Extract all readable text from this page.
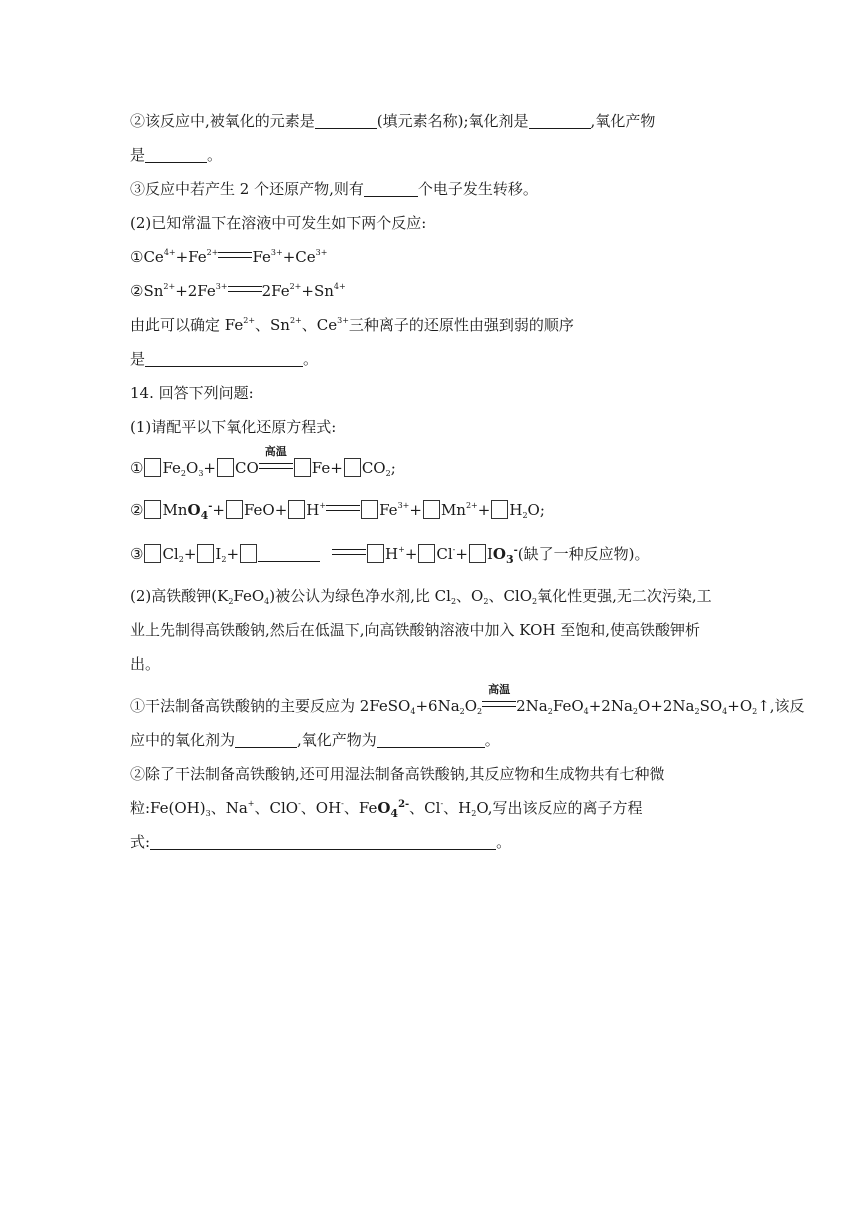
②该反应中,被氧化的元素是	(填元素名称);氧化剂是	,氧化产物
是	。
③反应中若产生 2 个还原产物,则有	个电子发生转移。
(2)已知常温下在溶液中可发生如下两个反应:
$①Ce^{4+}+Fe^{2+}$ $Fe^{3+}+Ce^{3+}$
$②Sn^{2+}+2Fe^{3+}$ $2Fe^{2+}+Sn^{4+}$
由此可以确定 $Fe^{2+}$、$Sn^{2+}$、$Ce^{3+}$三种离子的还原性由强到弱的顺序
是	。
14. 回答下列问题:
(1)请配平以下氧化还原方程式:
① $Fe_2O_3+$ CO
高温
$Fe+ CO_2$;
② MnO$_4$-+ FeO+ H+	$Fe^{3+}+ Mn^{2+}+ H_2O$;
③ $Cl_2+ I_2+$	$H^++ Cl^-+ IO_3^-$(缺了一种反应物)。
(2)高铁酸钾$(K_2FeO_4)$被公认为绿色净水剂,比 $Cl_2$、$O_2$、ClO$_2$氧化性更强,无二次污染,工
业上先制得高铁酸钠,然后在低温下,向高铁酸钠溶液中加入 KOH 至饱和,使高铁酸钾析
出。
①干法制备高铁酸钠的主要反应为 $2FeSO_4+6Na_2O_2$
高温
$2Na_2FeO_4+2Na_2O+2Na_2SO_4+O_2↑$,该反
应中的氧化剂为	,氧化产物为	。
②除了干法制备高铁酸钠,还可用湿法制备高铁酸钠,其反应物和生成物共有七种微
粒$:Fe(OH)_3$、Na+、ClO-、OH-、FeO$_4^{2-}$、Cl-、$H_2O$,写出该反应的离子方程
式:	。
